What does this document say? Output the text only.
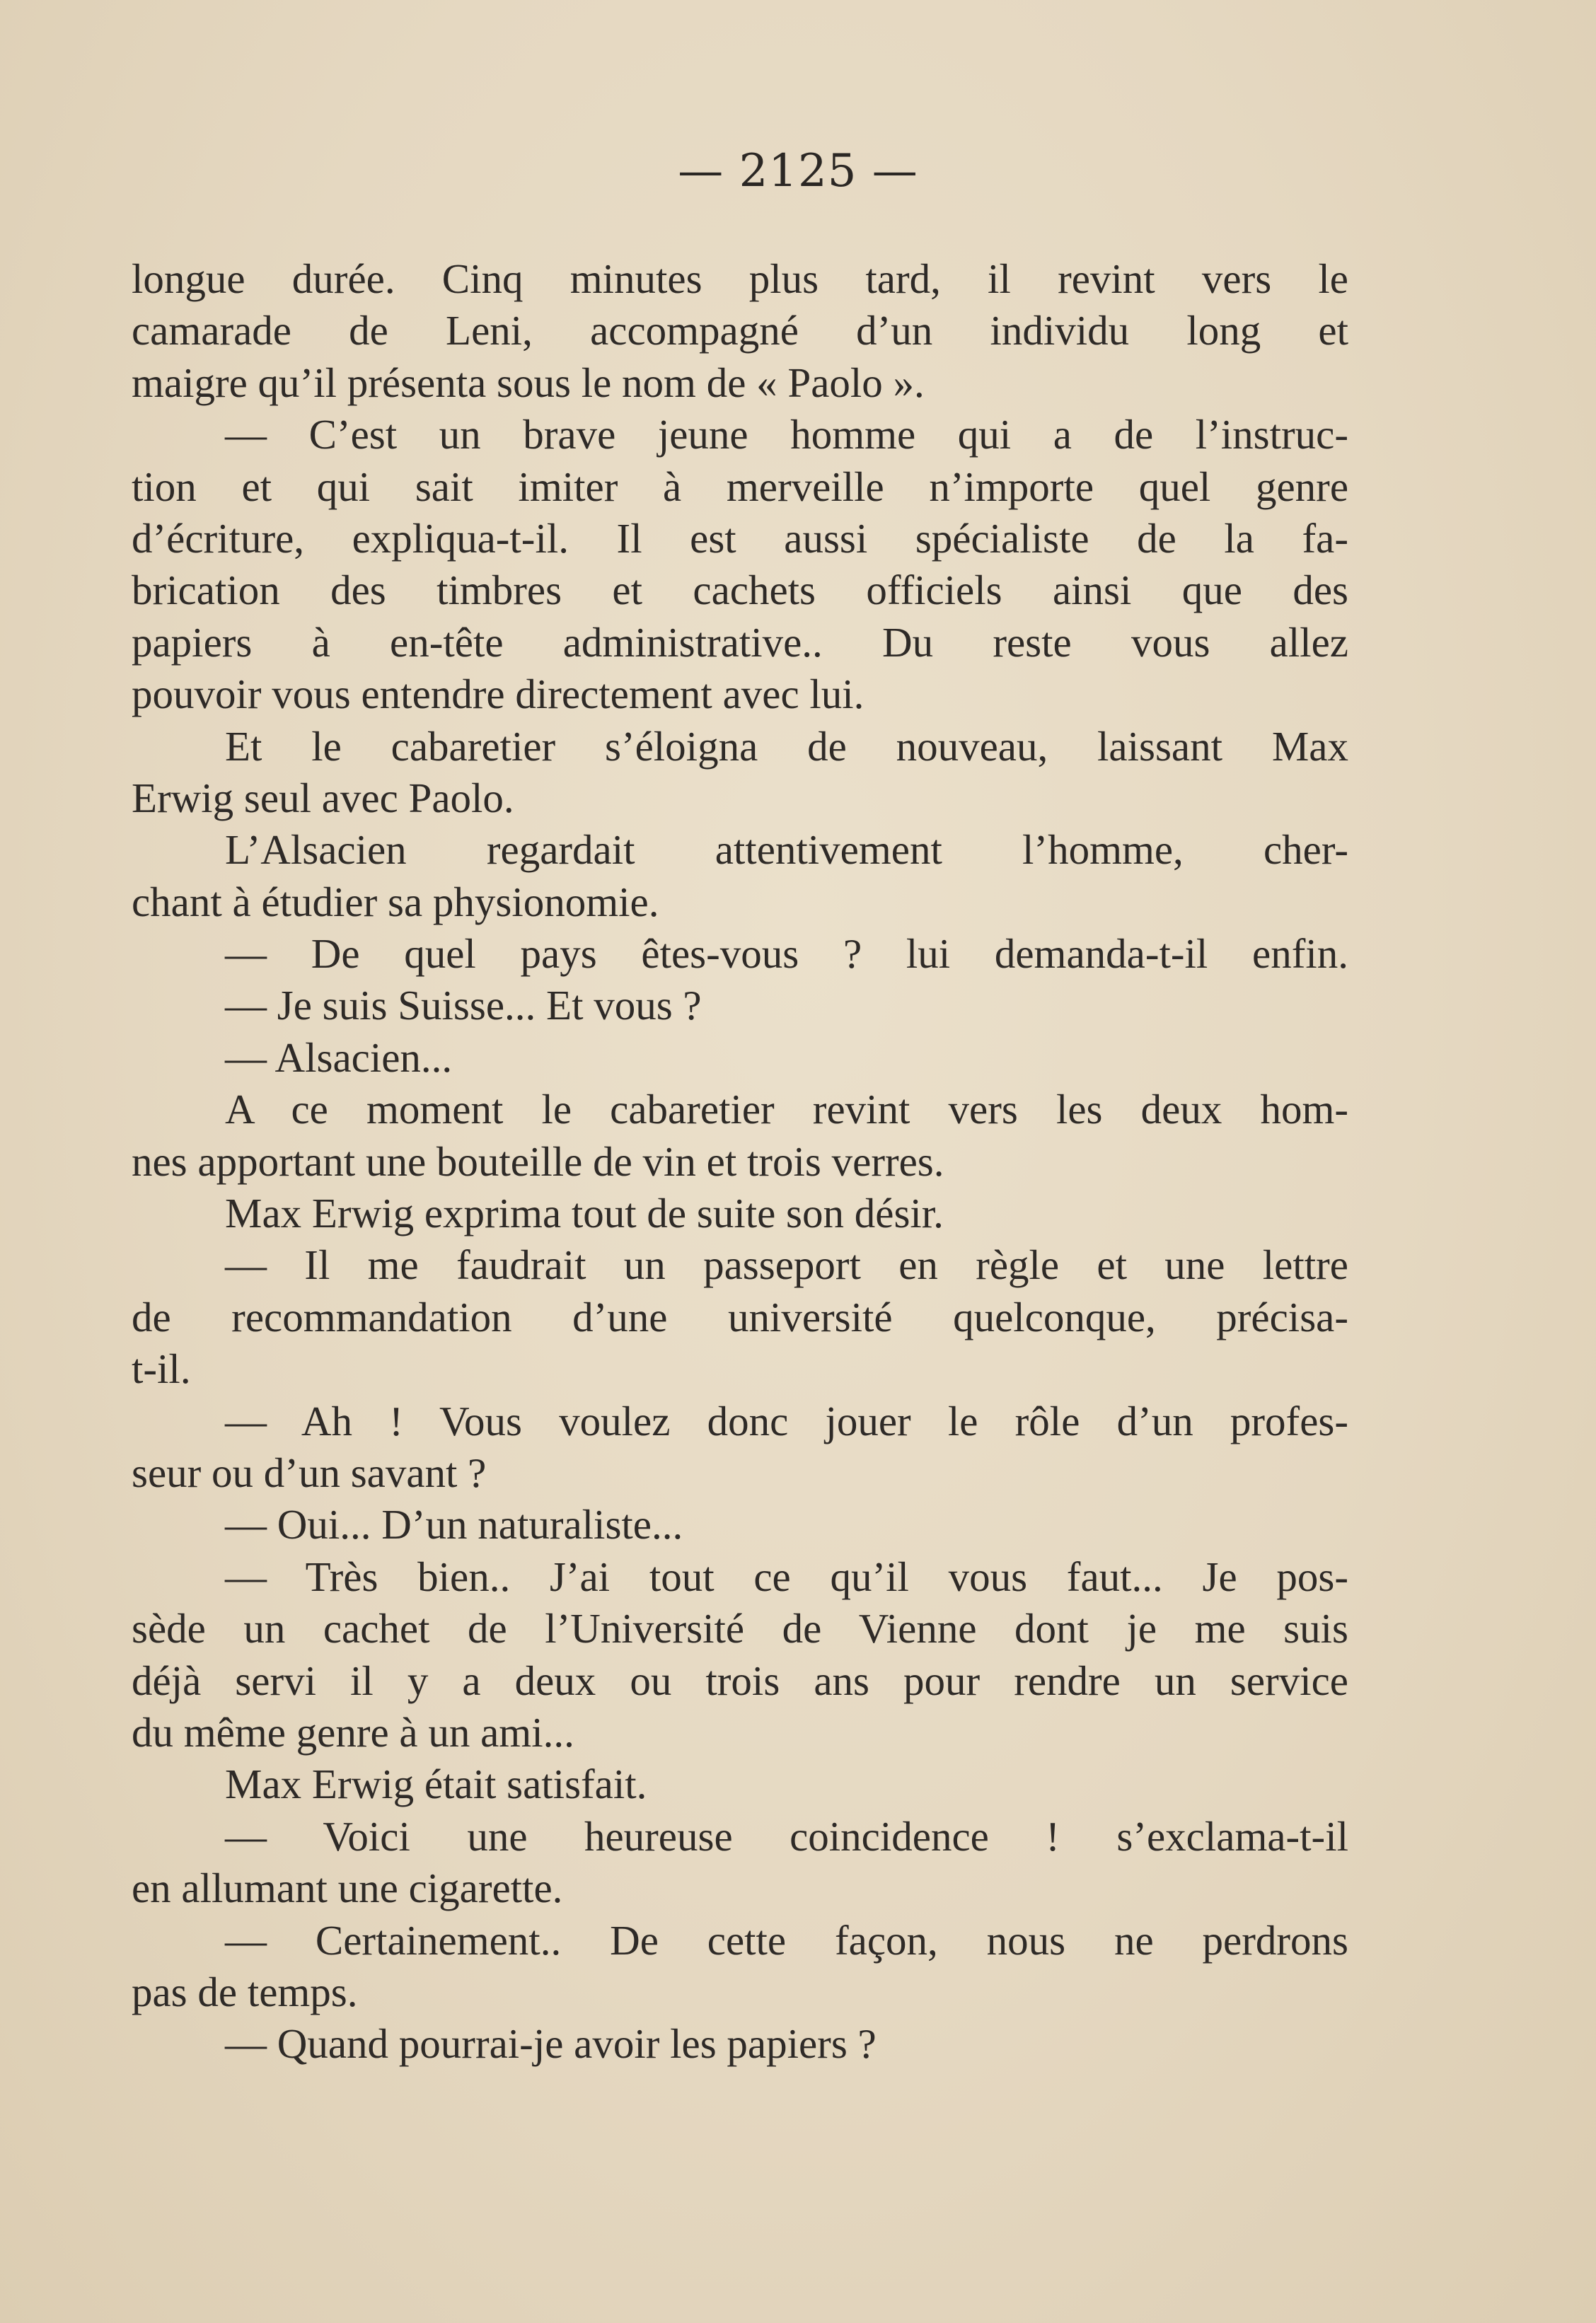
— 2125 —
longue durée. Cinq minutes plus tard, il revint vers le
camarade de Leni, accompagné d’un individu long et
maigre qu’il présenta sous le nom de « Paolo ».
— C’est un brave jeune homme qui a de l’instruc-
tion et qui sait imiter à merveille n’importe quel genre
d’écriture, expliqua-t-il. Il est aussi spécialiste de la fa-
brication des timbres et cachets officiels ainsi que des
papiers à en-tête administrative.. Du reste vous allez
pouvoir vous entendre directement avec lui.
Et le cabaretier s’éloigna de nouveau, laissant Max
Erwig seul avec Paolo.
L’Alsacien regardait attentivement l’homme, cher-
chant à étudier sa physionomie.
— De quel pays êtes-vous ? lui demanda-t-il enfin.
— Je suis Suisse... Et vous ?
— Alsacien...
A ce moment le cabaretier revint vers les deux hom-
nes apportant une bouteille de vin et trois verres.
Max Erwig exprima tout de suite son désir.
— Il me faudrait un passeport en règle et une lettre
de recommandation d’une université quelconque, précisa-
t-il.
— Ah ! Vous voulez donc jouer le rôle d’un profes-
seur ou d’un savant ?
— Oui... D’un naturaliste...
— Très bien.. J’ai tout ce qu’il vous faut... Je pos-
sède un cachet de l’Université de Vienne dont je me suis
déjà servi il y a deux ou trois ans pour rendre un service
du même genre à un ami...
Max Erwig était satisfait.
— Voici une heureuse coincidence ! s’exclama-t-il
en allumant une cigarette.
— Certainement.. De cette façon, nous ne perdrons
pas de temps.
— Quand pourrai-je avoir les papiers ?
